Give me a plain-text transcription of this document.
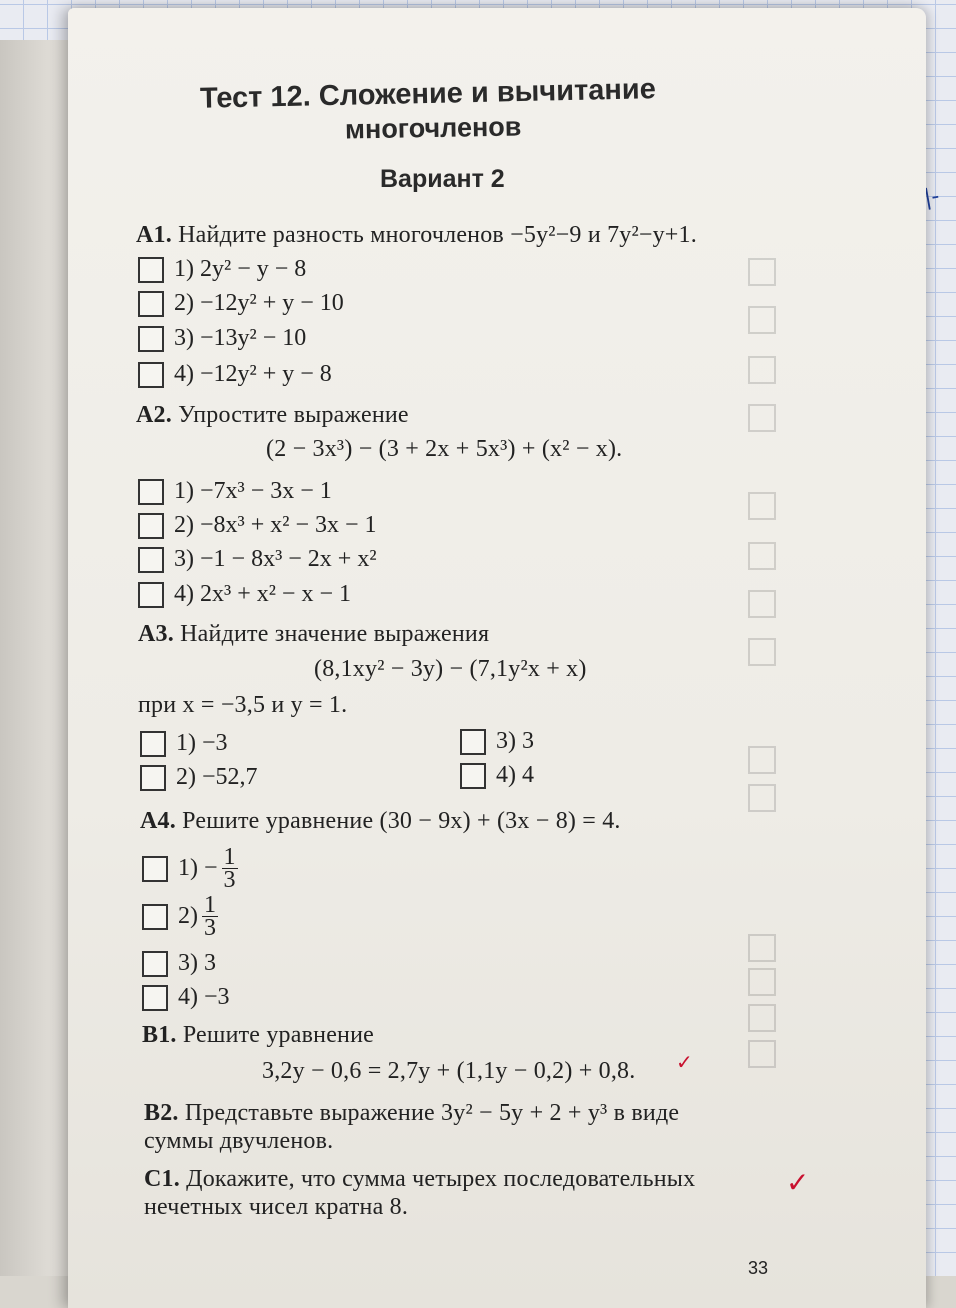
Тест 12. Сложение и вычитание
многочленов
Вариант 2
А1. Найдите разность многочленов −5y²−9 и 7y²−y+1.
1) 2y² − y − 8
2) −12y² + y − 10
3) −13y² − 10
4) −12y² + y − 8
А2. Упростите выражение
(2 − 3x³) − (3 + 2x + 5x³) + (x² − x).
1) −7x³ − 3x − 1
2) −8x³ + x² − 3x − 1
3) −1 − 8x³ − 2x + x²
4) 2x³ + x² − x − 1
А3. Найдите значение выражения
(8,1xy² − 3y) − (7,1y²x + x)
при x = −3,5 и y = 1.
1) −3
2) −52,7
3) 3
4) 4
А4. Решите уравнение (30 − 9x) + (3x − 8) = 4.
$1) - \frac{1}{3}$
$2) \frac{1}{3}$
3) 3
4) −3
В1. Решите уравнение
3,2y − 0,6 = 2,7y + (1,1y − 0,2) + 0,8. ✓
В2. Представьте выражение 3y² − 5y + 2 + y³ в виде
суммы двучленов.
С1. Докажите, что сумма четырех последовательных
нечетных чисел кратна 8.
✓
33
